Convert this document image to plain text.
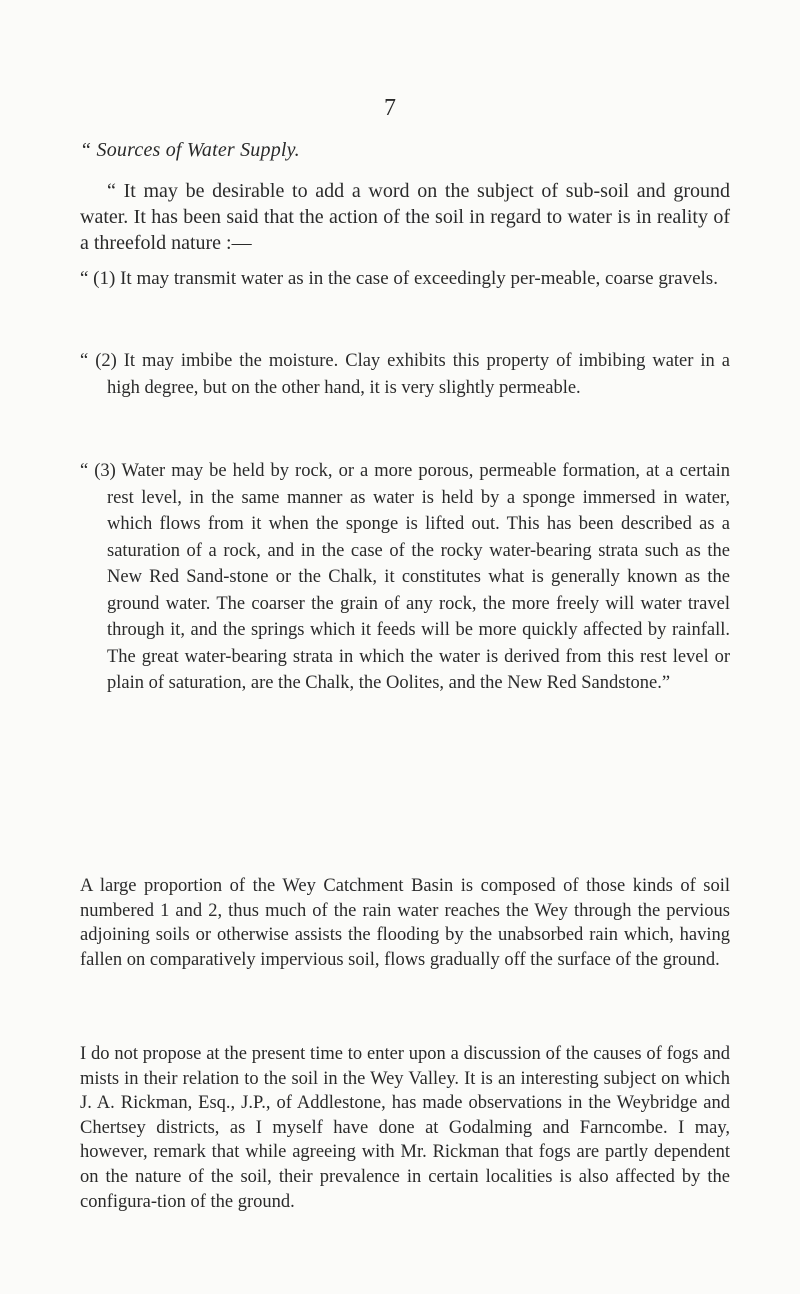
7
“ Sources of Water Supply.
“ It may be desirable to add a word on the subject of sub-soil and ground water. It has been said that the action of the soil in regard to water is in reality of a threefold nature :—
“ (1) It may transmit water as in the case of exceedingly per-meable, coarse gravels.
“ (2) It may imbibe the moisture. Clay exhibits this property of imbibing water in a high degree, but on the other hand, it is very slightly permeable.
“ (3) Water may be held by rock, or a more porous, permeable formation, at a certain rest level, in the same manner as water is held by a sponge immersed in water, which flows from it when the sponge is lifted out. This has been described as a saturation of a rock, and in the case of the rocky water-bearing strata such as the New Red Sand-stone or the Chalk, it constitutes what is generally known as the ground water. The coarser the grain of any rock, the more freely will water travel through it, and the springs which it feeds will be more quickly affected by rainfall. The great water-bearing strata in which the water is derived from this rest level or plain of saturation, are the Chalk, the Oolites, and the New Red Sandstone.”
A large proportion of the Wey Catchment Basin is composed of those kinds of soil numbered 1 and 2, thus much of the rain water reaches the Wey through the pervious adjoining soils or otherwise assists the flooding by the unabsorbed rain which, having fallen on comparatively impervious soil, flows gradually off the surface of the ground.
I do not propose at the present time to enter upon a discussion of the causes of fogs and mists in their relation to the soil in the Wey Valley. It is an interesting subject on which J. A. Rickman, Esq., J.P., of Addlestone, has made observations in the Weybridge and Chertsey districts, as I myself have done at Godalming and Farncombe. I may, however, remark that while agreeing with Mr. Rickman that fogs are partly dependent on the nature of the soil, their prevalence in certain localities is also affected by the configura-tion of the ground.
